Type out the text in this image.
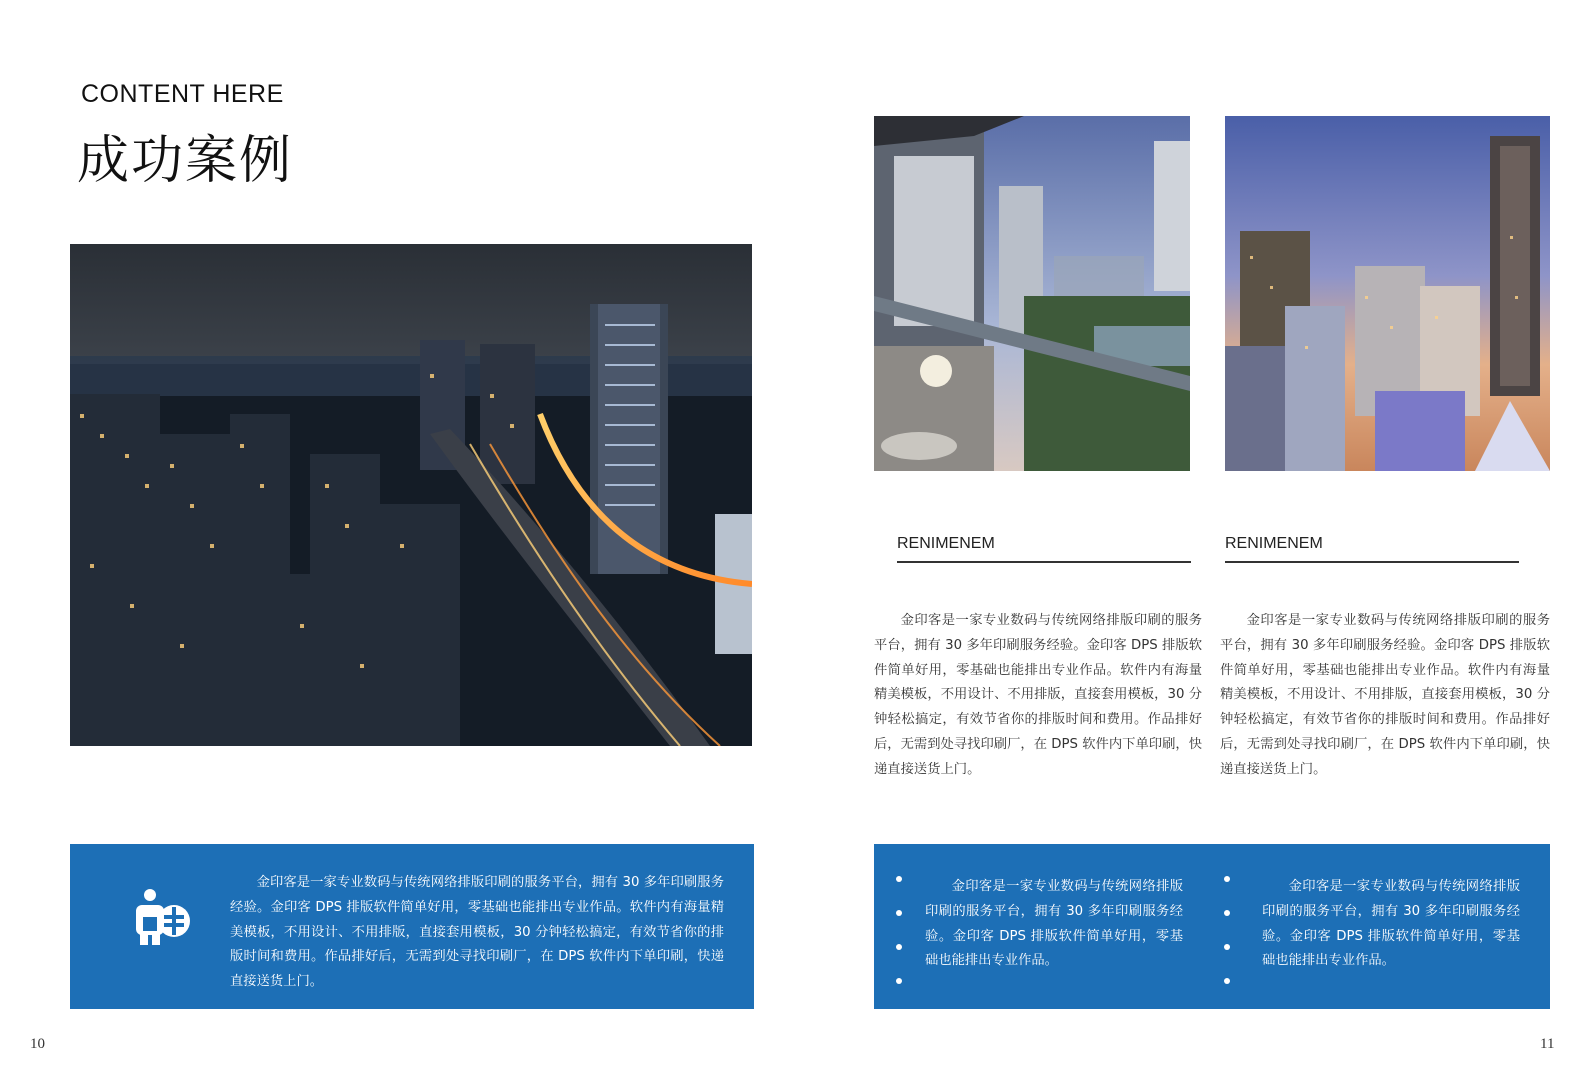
CONTENT HERE
成功案例
RENIMENEM	RENIMENEM
金印客是一家专业数码与传统网络排版印刷的服务平台，拥有 30 多年印刷服务经验。金印客 DPS 排版软件简单好用，零基础也能排出专业作品。软件内有海量精美模板，不用设计、不用排版，直接套用模板，30 分钟轻松搞定，有效节省你的排版时间和费用。作品排好后，无需到处寻找印刷厂，在 DPS 软件内下单印刷，快递直接送货上门。
金印客是一家专业数码与传统网络排版印刷的服务平台，拥有 30 多年印刷服务经验。金印客 DPS 排版软件简单好用，零基础也能排出专业作品。软件内有海量精美模板，不用设计、不用排版，直接套用模板，30 分钟轻松搞定，有效节省你的排版时间和费用。作品排好后，无需到处寻找印刷厂，在 DPS 软件内下单印刷，快递直接送货上门。
金印客是一家专业数码与传统网络排版印刷的服务平台，拥有 30 多年印刷服务经验。金印客 DPS 排版软件简单好用，零基础也能排出专业作品。软件内有海量精美模板，不用设计、不用排版，直接套用模板，30 分钟轻松搞定，有效节省你的排版时间和费用。作品排好后，无需到处寻找印刷厂，在 DPS 软件内下单印刷，快递直接送货上门。
金印客是一家专业数码与传统网络排版印刷的服务平台，拥有 30 多年印刷服务经验。金印客 DPS 排版软件简单好用，零基础也能排出专业作品。
金印客是一家专业数码与传统网络排版印刷的服务平台，拥有 30 多年印刷服务经验。金印客 DPS 排版软件简单好用，零基础也能排出专业作品。
10	11
